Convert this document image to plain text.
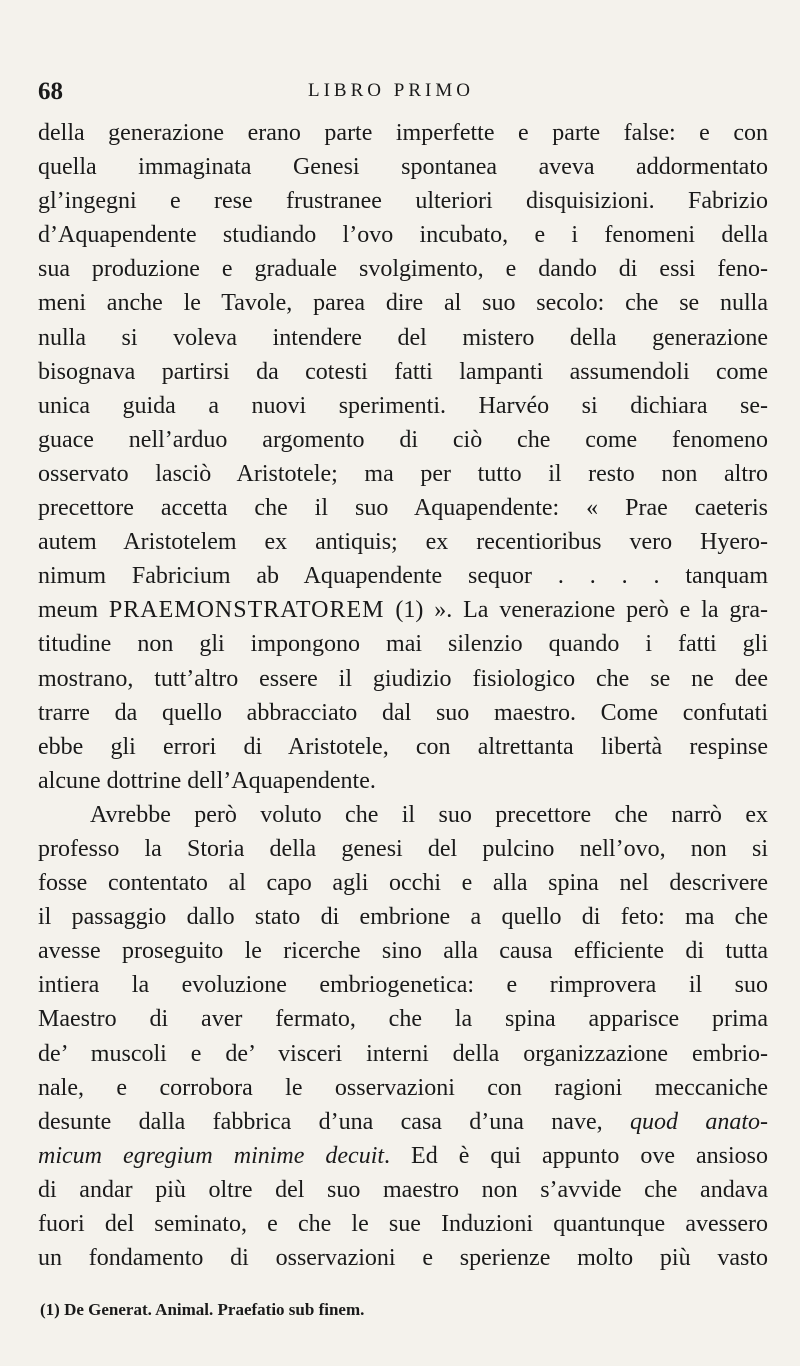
68	LIBRO PRIMO
della generazione erano parte imperfette e parte false: e con
quella immaginata Genesi spontanea aveva addormentato
gl’ingegni e rese frustranee ulteriori disquisizioni. Fabrizio
d’Aquapendente studiando l’ovo incubato, e i fenomeni della
sua produzione e graduale svolgimento, e dando di essi feno-
meni anche le Tavole, parea dire al suo secolo: che se nulla
nulla si voleva intendere del mistero della generazione
bisognava partirsi da cotesti fatti lampanti assumendoli come
unica guida a nuovi sperimenti. Harvéo si dichiara se-
guace nell’arduo argomento di ciò che come fenomeno
osservato lasciò Aristotele; ma per tutto il resto non altro
precettore accetta che il suo Aquapendente: « Prae caeteris
autem Aristotelem ex antiquis; ex recentioribus vero Hyero-
nimum Fabricium ab Aquapendente sequor . . . . tanquam
meum PRAEMONSTRATOREM (1) ». La venerazione però e la gra-
titudine non gli impongono mai silenzio quando i fatti gli
mostrano, tutt’altro essere il giudizio fisiologico che se ne dee
trarre da quello abbracciato dal suo maestro. Come confutati
ebbe gli errori di Aristotele, con altrettanta libertà respinse
alcune dottrine dell’Aquapendente.
Avrebbe però voluto che il suo precettore che narrò ex
professo la Storia della genesi del pulcino nell’ovo, non si
fosse contentato al capo agli occhi e alla spina nel descrivere
il passaggio dallo stato di embrione a quello di feto: ma che
avesse proseguito le ricerche sino alla causa efficiente di tutta
intiera la evoluzione embriogenetica: e rimprovera il suo
Maestro di aver fermato, che la spina apparisce prima
de’ muscoli e de’ visceri interni della organizzazione embrio-
nale, e corrobora le osservazioni con ragioni meccaniche
desunte dalla fabbrica d’una casa d’una nave, quod anato-
micum egregium minime decuit. Ed è qui appunto ove ansioso
di andar più oltre del suo maestro non s’avvide che andava
fuori del seminato, e che le sue Induzioni quantunque avessero
un fondamento di osservazioni e sperienze molto più vasto
(1) De Generat. Animal. Praefatio sub finem.
